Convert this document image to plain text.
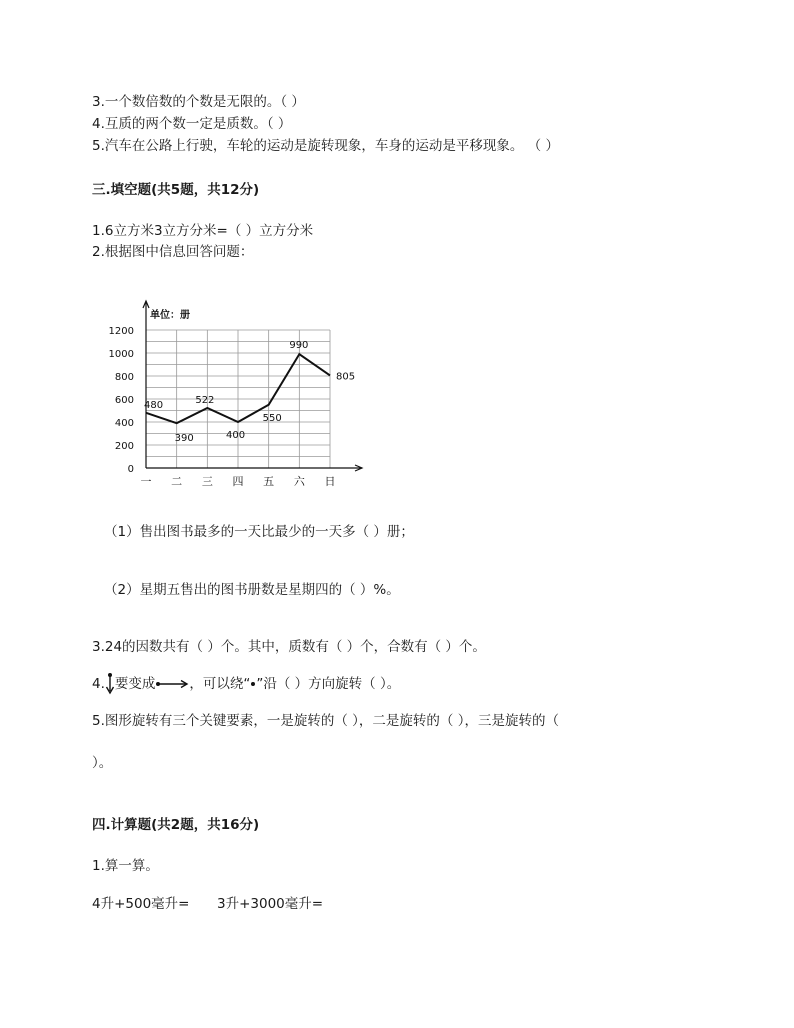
3.一个数倍数的个数是无限的。（ ）
4.互质的两个数一定是质数。（ ）
5.汽车在公路上行驶，车轮的运动是旋转现象，车身的运动是平移现象。 （ ）
三.填空题(共5题，共12分)
1.6立方米3立方分米=（ ）立方分米
2.根据图中信息回答问题：
0
200
400
600
800
1000
1200
一 二 三 四 五 六 日
单位：册
480
390
522
400
550
990
805
（1）售出图书最多的一天比最少的一天多（ ）册；
（2）星期五售出的图书册数是星期四的（ ）%。
3.24的因数共有（ ）个。其中，质数有（ ）个，合数有（ ）个。
4. 要变成	，可以绕“ ”沿（ ）方向旋转（ ）。
5.图形旋转有三个关键要素，一是旋转的（ ），二是旋转的（ ），三是旋转的（
）。
四.计算题(共2题，共16分)
1.算一算。
4升+500毫升= 3升+3000毫升=
